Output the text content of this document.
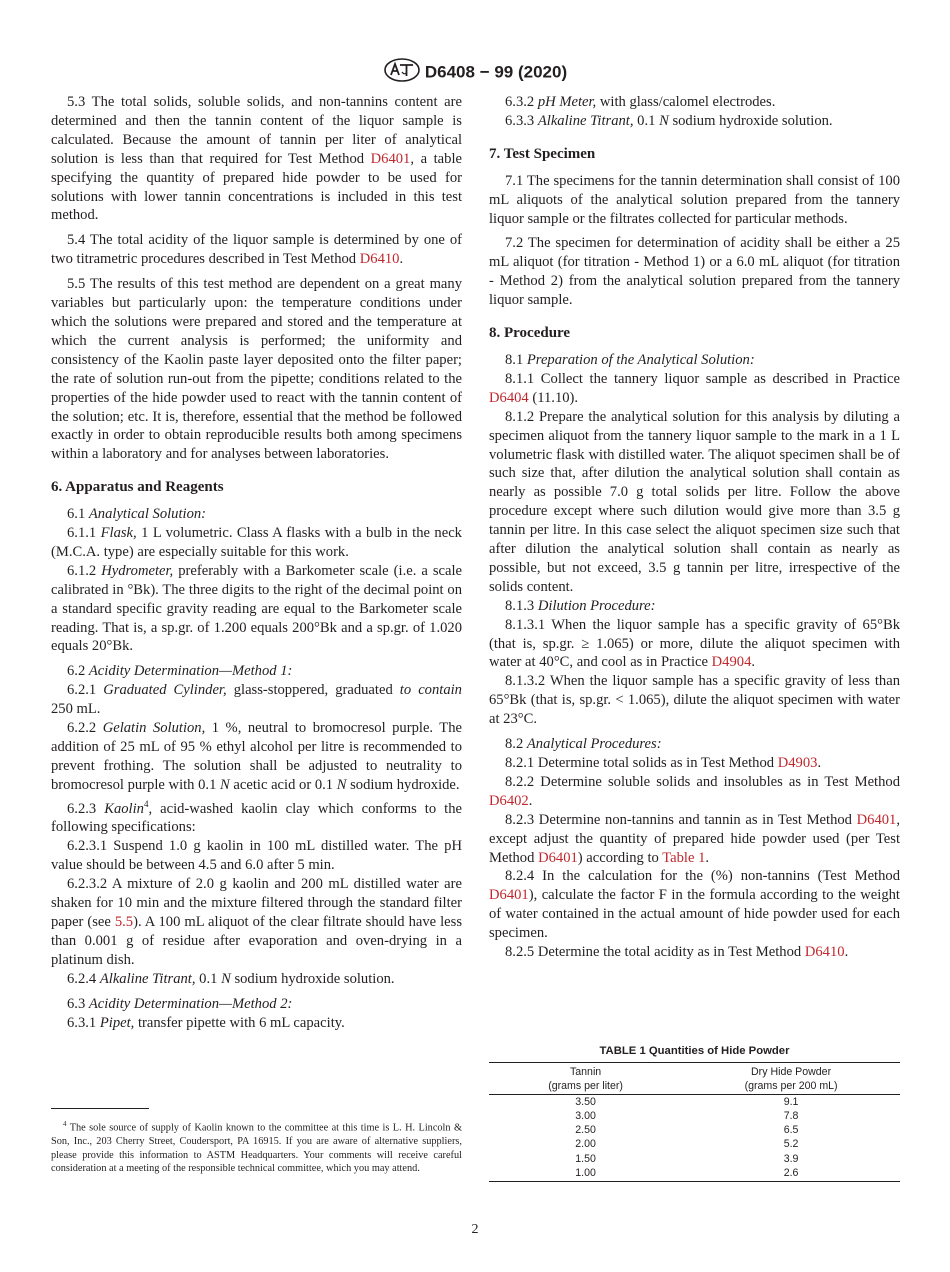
D6408 − 99 (2020)

5.3 The total solids, soluble solids, and non-tannins content are determined and then the tannin content of the liquor sample is calculated. Because the amount of tannin per liter of analytical solution is less than that required for Test Method D6401, a table specifying the quantity of prepared hide powder to be used for solutions with lower tannin concentrations is included in this test method.

5.4 The total acidity of the liquor sample is determined by one of two titrametric procedures described in Test Method D6410.

5.5 The results of this test method are dependent on a great many variables but particularly upon: the temperature conditions under which the solutions were prepared and stored and the temperature at which the current analysis is performed; the uniformity and consistency of the Kaolin paste layer deposited onto the filter paper; the rate of solution run-out from the pipette; conditions related to the properties of the hide powder used to react with the tannin content of the solution; etc. It is, therefore, essential that the method be followed exactly in order to obtain reproducible results both among specimens within a laboratory and for analyses between laboratories.

6. Apparatus and Reagents

6.1 Analytical Solution:

6.1.1 Flask, 1 L volumetric. Class A flasks with a bulb in the neck (M.C.A. type) are especially suitable for this work.

6.1.2 Hydrometer, preferably with a Barkometer scale (i.e. a scale calibrated in °Bk). The three digits to the right of the decimal point on a standard specific gravity reading are equal to the Barkometer scale reading. That is, a sp.gr. of 1.200 equals 200°Bk and a sp.gr. of 1.020 equals 20°Bk.

6.2 Acidity Determination—Method 1:

6.2.1 Graduated Cylinder, glass-stoppered, graduated to contain 250 mL.

6.2.2 Gelatin Solution, 1 %, neutral to bromocresol purple. The addition of 25 mL of 95 % ethyl alcohol per litre is recommended to prevent frothing. The solution shall be adjusted to neutrality to bromocresol purple with 0.1 N acetic acid or 0.1 N sodium hydroxide.

6.2.3 Kaolin$^4$, acid-washed kaolin clay which conforms to the following specifications:

6.2.3.1 Suspend 1.0 g kaolin in 100 mL distilled water. The pH value should be between 4.5 and 6.0 after 5 min.

6.2.3.2 A mixture of 2.0 g kaolin and 200 mL distilled water are shaken for 10 min and the mixture filtered through the standard filter paper (see 5.5). A 100 mL aliquot of the clear filtrate should have less than 0.001 g of residue after evaporation and oven-drying in a platinum dish.

6.2.4 Alkaline Titrant, 0.1 N sodium hydroxide solution.

6.3 Acidity Determination—Method 2:

6.3.1 Pipet, transfer pipette with 6 mL capacity.

$^4$ The sole source of supply of Kaolin known to the committee at this time is L. H. Lincoln & Son, Inc., 203 Cherry Street, Coudersport, PA 16915. If you are aware of alternative suppliers, please provide this information to ASTM Headquarters. Your comments will receive careful consideration at a meeting of the responsible technical committee, which you may attend.

6.3.2 pH Meter, with glass/calomel electrodes.

6.3.3 Alkaline Titrant, 0.1 N sodium hydroxide solution.

7. Test Specimen

7.1 The specimens for the tannin determination shall consist of 100 mL aliquots of the analytical solution prepared from the tannery liquor sample or the filtrates collected for particular methods.

7.2 The specimen for determination of acidity shall be either a 25 mL aliquot (for titration - Method 1) or a 6.0 mL aliquot (for titration - Method 2) from the analytical solution prepared from the tannery liquor sample.

8. Procedure

8.1 Preparation of the Analytical Solution:

8.1.1 Collect the tannery liquor sample as described in Practice D6404 (11.10).

8.1.2 Prepare the analytical solution for this analysis by diluting a specimen aliquot from the tannery liquor sample to the mark in a 1 L volumetric flask with distilled water. The aliquot specimen shall be of such size that, after dilution the analytical solution shall contain as nearly as possible 7.0 g total solids per litre. Follow the above procedure except where such dilution would give more than 3.5 g tannin per litre. In this case select the aliquot specimen size such that after dilution the analytical solution shall contain as nearly as possible, but not exceed, 3.5 g tannin per litre, irrespective of the solids content.

8.1.3 Dilution Procedure:

8.1.3.1 When the liquor sample has a specific gravity of 65°Bk (that is, sp.gr. ≥ 1.065) or more, dilute the aliquot specimen with water at 40°C, and cool as in Practice D4904.

8.1.3.2 When the liquor sample has a specific gravity of less than 65°Bk (that is, sp.gr. < 1.065), dilute the aliquot specimen with water at 23°C.

8.2 Analytical Procedures:

8.2.1 Determine total solids as in Test Method D4903.

8.2.2 Determine soluble solids and insolubles as in Test Method D6402.

8.2.3 Determine non-tannins and tannin as in Test Method D6401, except adjust the quantity of prepared hide powder used (per Test Method D6401) according to Table 1.

8.2.4 In the calculation for the (%) non-tannins (Test Method D6401), calculate the factor F in the formula according to the weight of water contained in the actual amount of hide powder used for each specimen.

8.2.5 Determine the total acidity as in Test Method D6410.

TABLE 1 Quantities of Hide Powder
Tannin	Dry Hide Powder
(grams per liter)	(grams per 200 mL)
3.50	9.1
3.00	7.8
2.50	6.5
2.00	5.2
1.50	3.9
1.00	2.6
2
